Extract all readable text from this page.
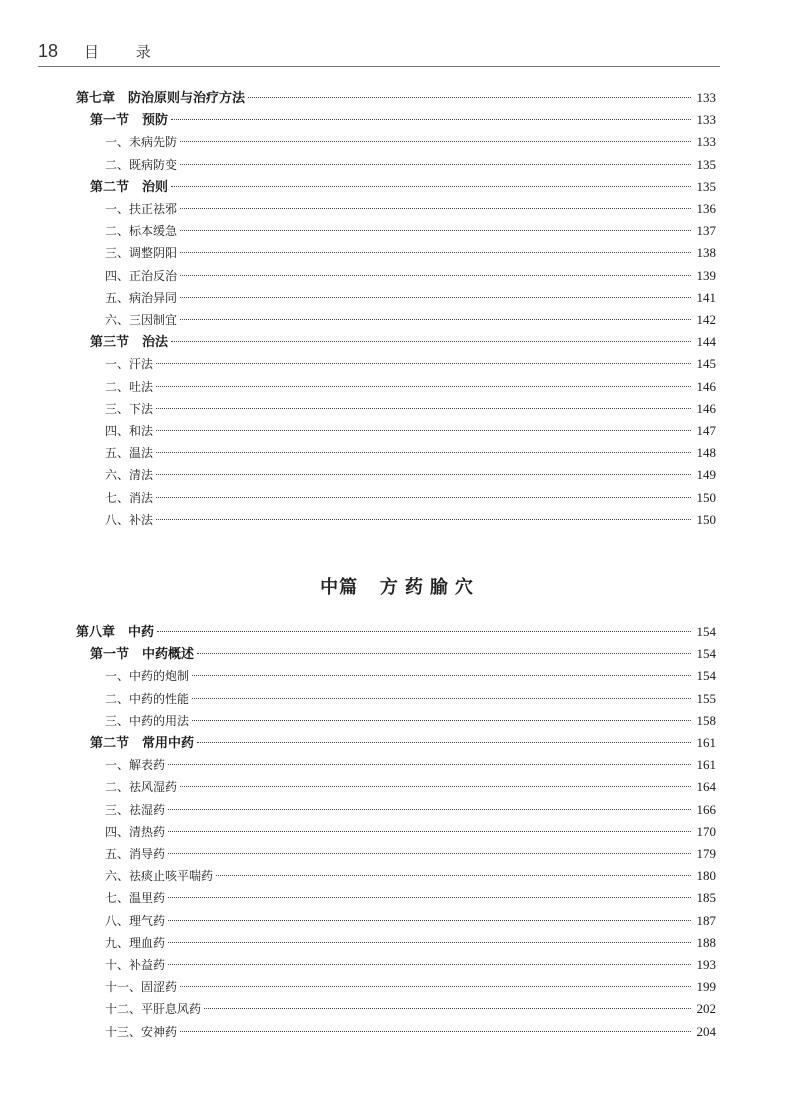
18 目 录
第七章　防治原则与治疗方法	133
第一节　预防	133
一、未病先防	133
二、既病防变	135
第二节　治则	135
一、扶正祛邪	136
二、标本缓急	137
三、调整阴阳	138
四、正治反治	139
五、病治异同	141
六、三因制宜	142
第三节　治法	144
一、汗法	145
二、吐法	146
三、下法	146
四、和法	147
五、温法	148
六、清法	149
七、消法	150
八、补法	150
中篇 方药腧穴
第八章　中药	154
第一节　中药概述	154
一、中药的炮制	154
二、中药的性能	155
三、中药的用法	158
第二节　常用中药	161
一、解表药	161
二、祛风湿药	164
三、祛湿药	166
四、清热药	170
五、消导药	179
六、祛痰止咳平喘药	180
七、温里药	185
八、理气药	187
九、理血药	188
十、补益药	193
十一、固涩药	199
十二、平肝息风药	202
十三、安神药	204
